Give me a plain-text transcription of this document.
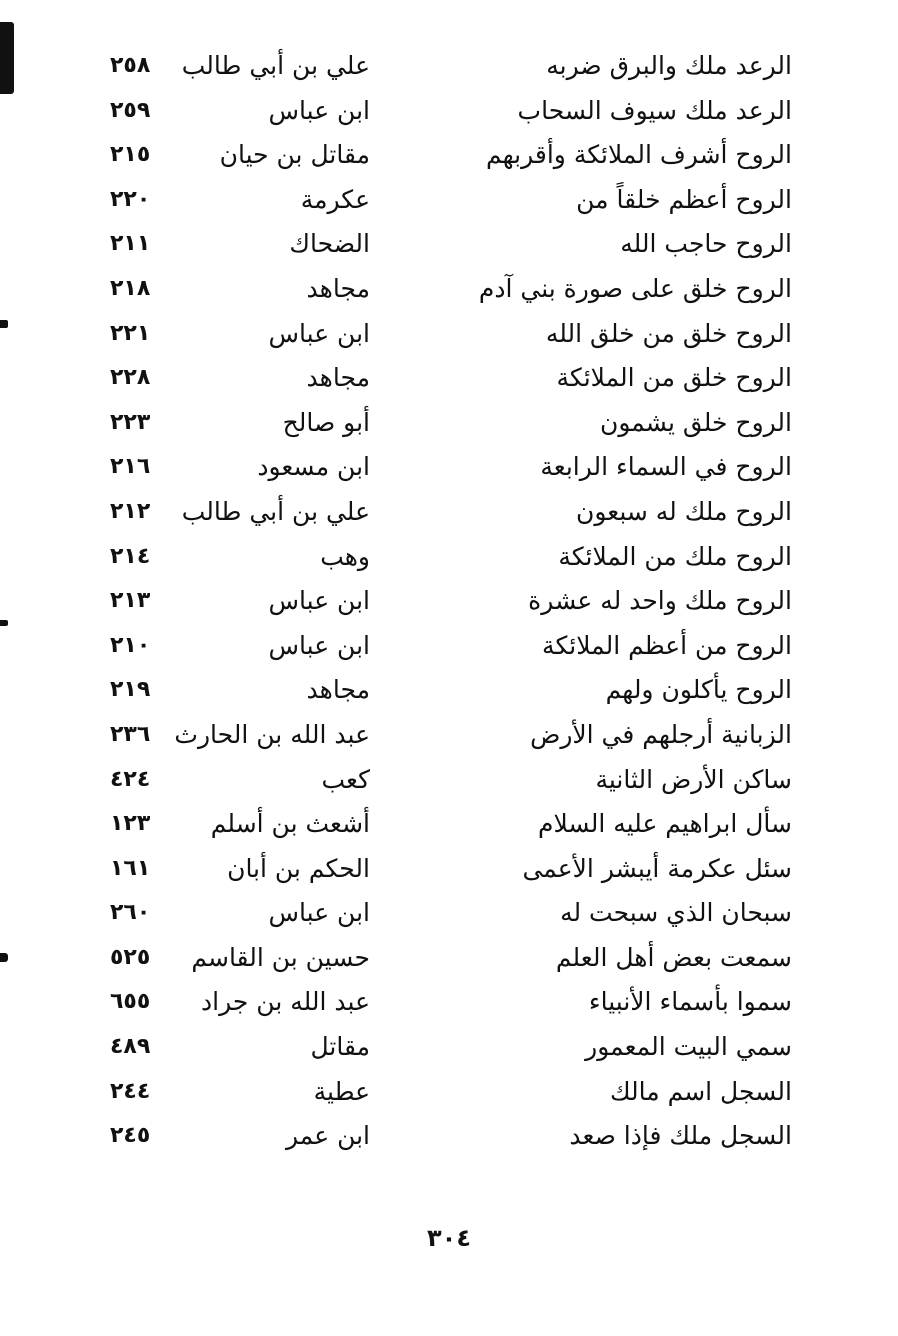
الرعد ملك والبرق ضربه
علي بن أبي طالب
٢٥٨
الرعد ملك سيوف السحاب
ابن عباس
٢٥٩
الروح أشرف الملائكة وأقربهم
مقاتل بن حيان
٢١٥
الروح أعظم خلقاً من
عكرمة
٢٢٠
الروح حاجب الله
الضحاك
٢١١
الروح خلق على صورة بني آدم
مجاهد
٢١٨
الروح خلق من خلق الله
ابن عباس
٢٢١
الروح خلق من الملائكة
مجاهد
٢٢٨
الروح خلق يشمون
أبو صالح
٢٢٣
الروح في السماء الرابعة
ابن مسعود
٢١٦
الروح ملك له سبعون
علي بن أبي طالب
٢١٢
الروح ملك من الملائكة
وهب
٢١٤
الروح ملك واحد له عشرة
ابن عباس
٢١٣
الروح من أعظم الملائكة
ابن عباس
٢١٠
الروح يأكلون ولهم
مجاهد
٢١٩
الزبانية أرجلهم في الأرض
عبد الله بن الحارث
٢٣٦
ساكن الأرض الثانية
كعب
٤٢٤
سأل ابراهيم عليه السلام
أشعث بن أسلم
١٢٣
سئل عكرمة أيبشر الأعمى
الحكم بن أبان
١٦١
سبحان الذي سبحت له
ابن عباس
٢٦٠
سمعت بعض أهل العلم
حسين بن القاسم
٥٢٥
سموا بأسماء الأنبياء
عبد الله بن جراد
٦٥٥
سمي البيت المعمور
مقاتل
٤٨٩
السجل اسم مالك
عطية
٢٤٤
السجل ملك فإذا صعد
ابن عمر
٢٤٥
٣٠٤
